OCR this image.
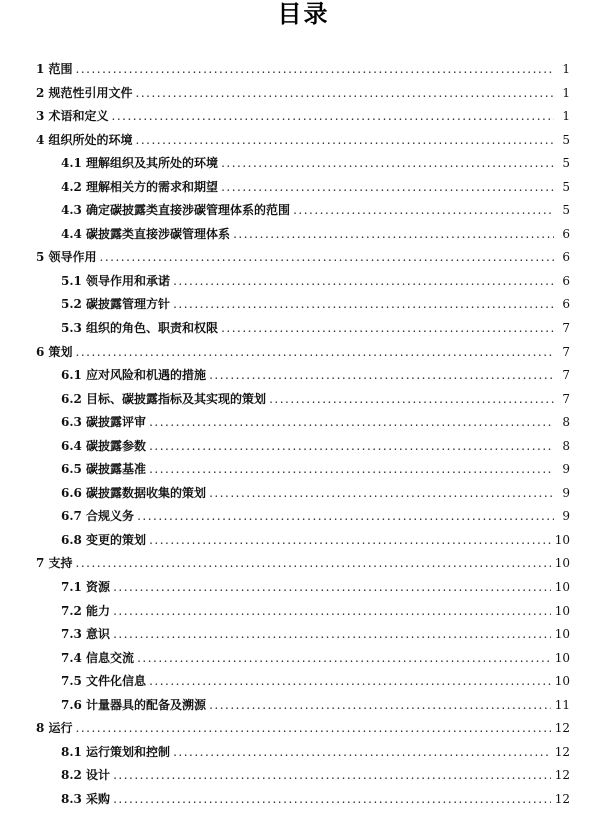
目录
1 范围 .....	1
2 规范性引用文件 .....	1
3 术语和定义 .....	1
4 组织所处的环境 .....	5
4.1 理解组织及其所处的环境 .....	5
4.2 理解相关方的需求和期望 .....	5
4.3 确定碳披露类直接涉碳管理体系的范围 .....	5
4.4 碳披露类直接涉碳管理体系 .....	6
5 领导作用 .....	6
5.1 领导作用和承诺 .....	6
5.2 碳披露管理方针 .....	6
5.3 组织的角色、职责和权限 .....	7
6 策划 .....	7
6.1 应对风险和机遇的措施 .....	7
6.2 目标、碳披露指标及其实现的策划 .....	7
6.3 碳披露评审 .....	8
6.4 碳披露参数 .....	8
6.5 碳披露基准 .....	9
6.6 碳披露数据收集的策划 .....	9
6.7 合规义务 .....	9
6.8 变更的策划 .....	10
7 支持 .....	10
7.1 资源 .....	10
7.2 能力 .....	10
7.3 意识 .....	10
7.4 信息交流 .....	10
7.5 文件化信息 .....	10
7.6 计量器具的配备及溯源 .....	11
8 运行 .....	12
8.1 运行策划和控制 .....	12
8.2 设计 .....	12
8.3 采购 .....	12
